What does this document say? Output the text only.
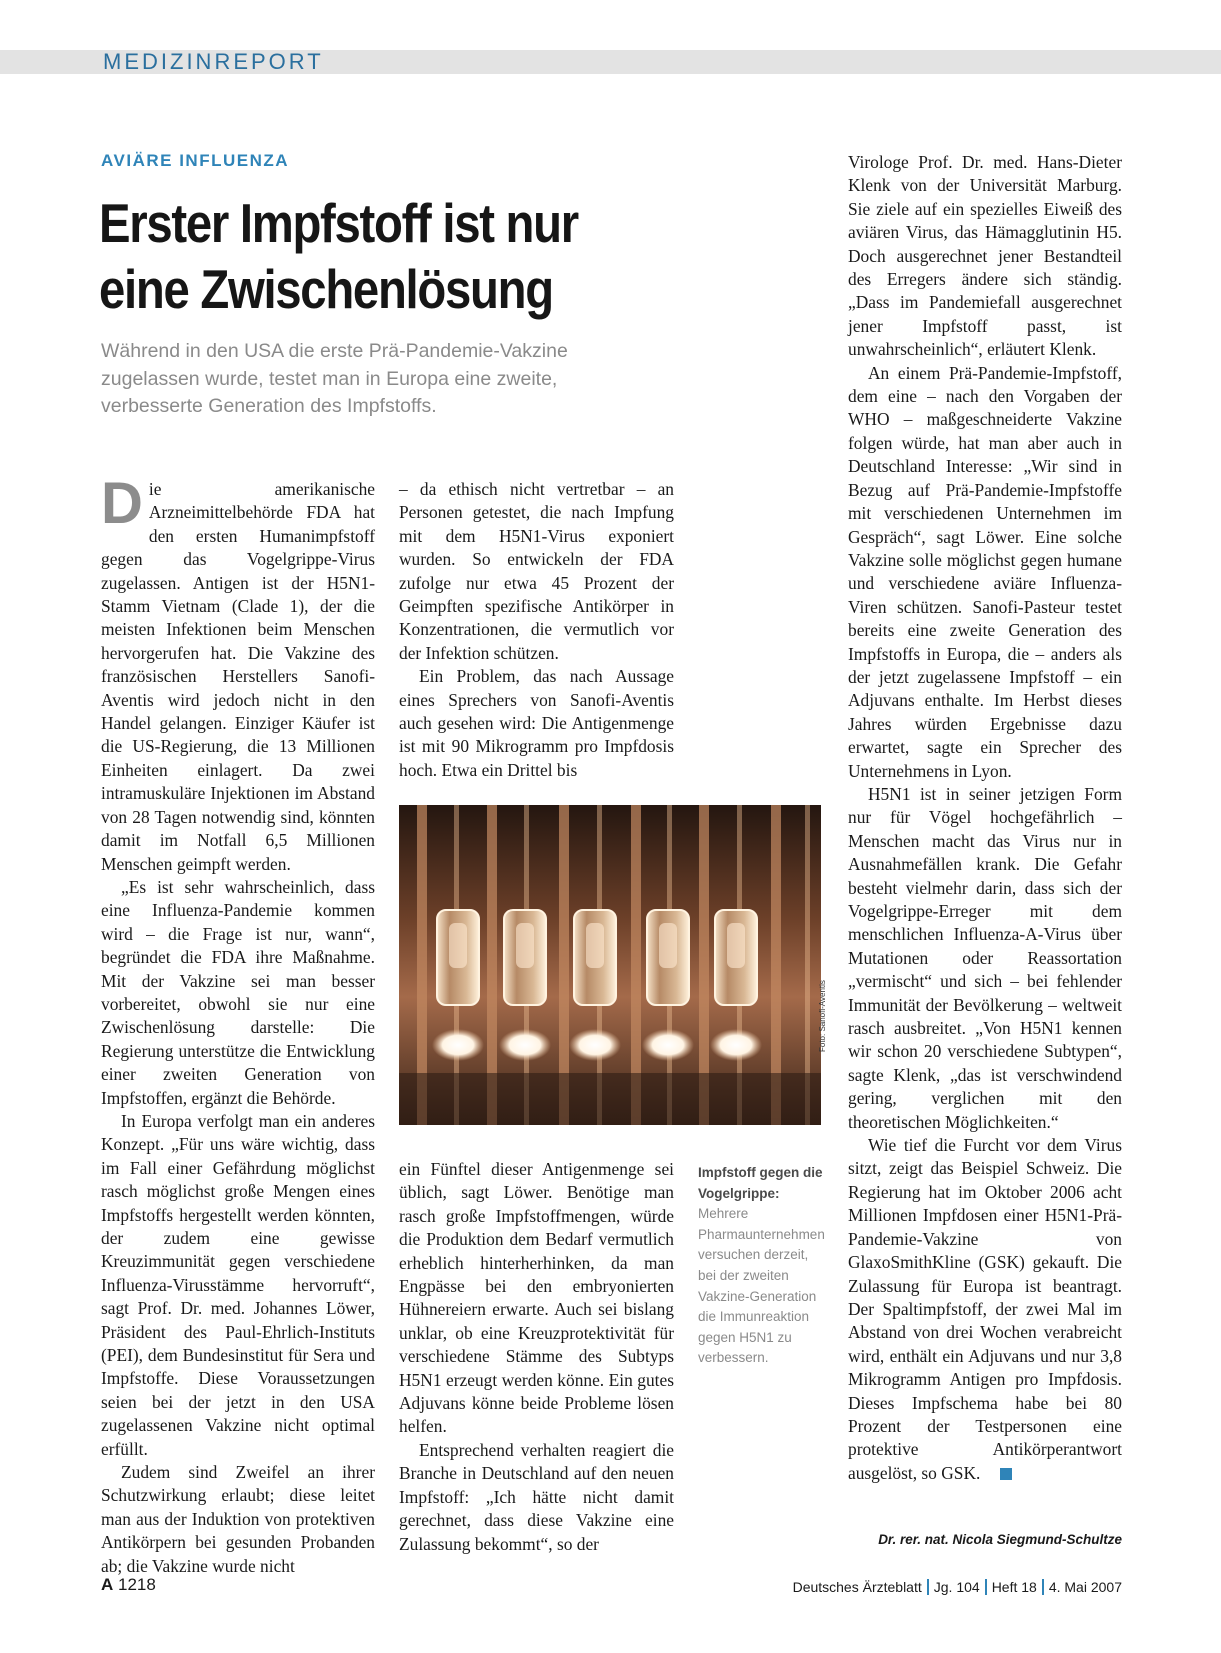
MEDIZINREPORT
AVIÄRE INFLUENZA
Erster Impfstoff ist nur eine Zwischenlösung

Während in den USA die erste Prä-Pandemie-Vakzine zugelassen wurde, testet man in Europa eine zweite, verbesserte Generation des Impfstoffs.

Die amerikanische Arzneimittelbehörde FDA hat den ersten Humanimpfstoff gegen das Vogelgrippe-Virus zugelassen. Antigen ist der H5N1-Stamm Vietnam (Clade 1), der die meisten Infektionen beim Menschen hervorgerufen hat. Die Vakzine des französischen Herstellers Sanofi-Aventis wird jedoch nicht in den Handel gelangen. Einziger Käufer ist die US-Regierung, die 13 Millionen Einheiten einlagert. Da zwei intramuskuläre Injektionen im Abstand von 28 Tagen notwendig sind, könnten damit im Notfall 6,5 Millionen Menschen geimpft werden.

„Es ist sehr wahrscheinlich, dass eine Influenza-Pandemie kommen wird – die Frage ist nur, wann“, begründet die FDA ihre Maßnahme. Mit der Vakzine sei man besser vorbereitet, obwohl sie nur eine Zwischenlösung darstelle: Die Regierung unterstütze die Entwicklung einer zweiten Generation von Impfstoffen, ergänzt die Behörde.

In Europa verfolgt man ein anderes Konzept. „Für uns wäre wichtig, dass im Fall einer Gefährdung möglichst rasch möglichst große Mengen eines Impfstoffs hergestellt werden könnten, der zudem eine gewisse Kreuzimmunität gegen verschiedene Influenza-Virusstämme hervorruft“, sagt Prof. Dr. med. Johannes Löwer, Präsident des Paul-Ehrlich-Instituts (PEI), dem Bundesinstitut für Sera und Impfstoffe. Diese Voraussetzungen seien bei der jetzt in den USA zugelassenen Vakzine nicht optimal erfüllt.

Zudem sind Zweifel an ihrer Schutzwirkung erlaubt; diese leitet man aus der Induktion von protektiven Antikörpern bei gesunden Probanden ab; die Vakzine wurde nicht

– da ethisch nicht vertretbar – an Personen getestet, die nach Impfung mit dem H5N1-Virus exponiert wurden. So entwickeln der FDA zufolge nur etwa 45 Prozent der Geimpften spezifische Antikörper in Konzentrationen, die vermutlich vor der Infektion schützen.

Ein Problem, das nach Aussage eines Sprechers von Sanofi-Aventis auch gesehen wird: Die Antigenmenge ist mit 90 Mikrogramm pro Impfdosis hoch. Etwa ein Drittel bis

Foto: Sanofi-Aventis
Impfstoff gegen die Vogelgrippe: Mehrere Pharmaunternehmen versuchen derzeit, bei der zweiten Vakzine-Generation die Immunreaktion gegen H5N1 zu verbessern.

ein Fünftel dieser Antigenmenge sei üblich, sagt Löwer. Benötige man rasch große Impfstoffmengen, würde die Produktion dem Bedarf vermutlich erheblich hinterherhinken, da man Engpässe bei den embryonierten Hühnereiern erwarte. Auch sei bislang unklar, ob eine Kreuzprotektivität für verschiedene Stämme des Subtyps H5N1 erzeugt werden könne. Ein gutes Adjuvans könne beide Probleme lösen helfen.

Entsprechend verhalten reagiert die Branche in Deutschland auf den neuen Impfstoff: „Ich hätte nicht damit gerechnet, dass diese Vakzine eine Zulassung bekommt“, so der

Virologe Prof. Dr. med. Hans-Dieter Klenk von der Universität Marburg. Sie ziele auf ein spezielles Eiweiß des aviären Virus, das Hämagglutinin H5. Doch ausgerechnet jener Bestandteil des Erregers ändere sich ständig. „Dass im Pandemiefall ausgerechnet jener Impfstoff passt, ist unwahrscheinlich“, erläutert Klenk.

An einem Prä-Pandemie-Impfstoff, dem eine – nach den Vorgaben der WHO – maßgeschneiderte Vakzine folgen würde, hat man aber auch in Deutschland Interesse: „Wir sind in Bezug auf Prä-Pandemie-Impfstoffe mit verschiedenen Unternehmen im Gespräch“, sagt Löwer. Eine solche Vakzine solle möglichst gegen humane und verschiedene aviäre Influenza-Viren schützen. Sanofi-Pasteur testet bereits eine zweite Generation des Impfstoffs in Europa, die – anders als der jetzt zugelassene Impfstoff – ein Adjuvans enthalte. Im Herbst dieses Jahres würden Ergebnisse dazu erwartet, sagte ein Sprecher des Unternehmens in Lyon.

H5N1 ist in seiner jetzigen Form nur für Vögel hochgefährlich – Menschen macht das Virus nur in Ausnahmefällen krank. Die Gefahr besteht vielmehr darin, dass sich der Vogelgrippe-Erreger mit dem menschlichen Influenza-A-Virus über Mutationen oder Reassortation „vermischt“ und sich – bei fehlender Immunität der Bevölkerung – weltweit rasch ausbreitet. „Von H5N1 kennen wir schon 20 verschiedene Subtypen“, sagte Klenk, „das ist verschwindend gering, verglichen mit den theoretischen Möglichkeiten.“

Wie tief die Furcht vor dem Virus sitzt, zeigt das Beispiel Schweiz. Die Regierung hat im Oktober 2006 acht Millionen Impfdosen einer H5N1-Prä-Pandemie-Vakzine von GlaxoSmithKline (GSK) gekauft. Die Zulassung für Europa ist beantragt. Der Spaltimpfstoff, der zwei Mal im Abstand von drei Wochen verabreicht wird, enthält ein Adjuvans und nur 3,8 Mikrogramm Antigen pro Impfdosis. Dieses Impfschema habe bei 80 Prozent der Testpersonen eine protektive Antikörperantwort ausgelöst, so GSK.

Dr. rer. nat. Nicola Siegmund-Schultze
A 1218	Deutsches Ärzteblatt Jg. 104 Heft 18 4. Mai 2007
